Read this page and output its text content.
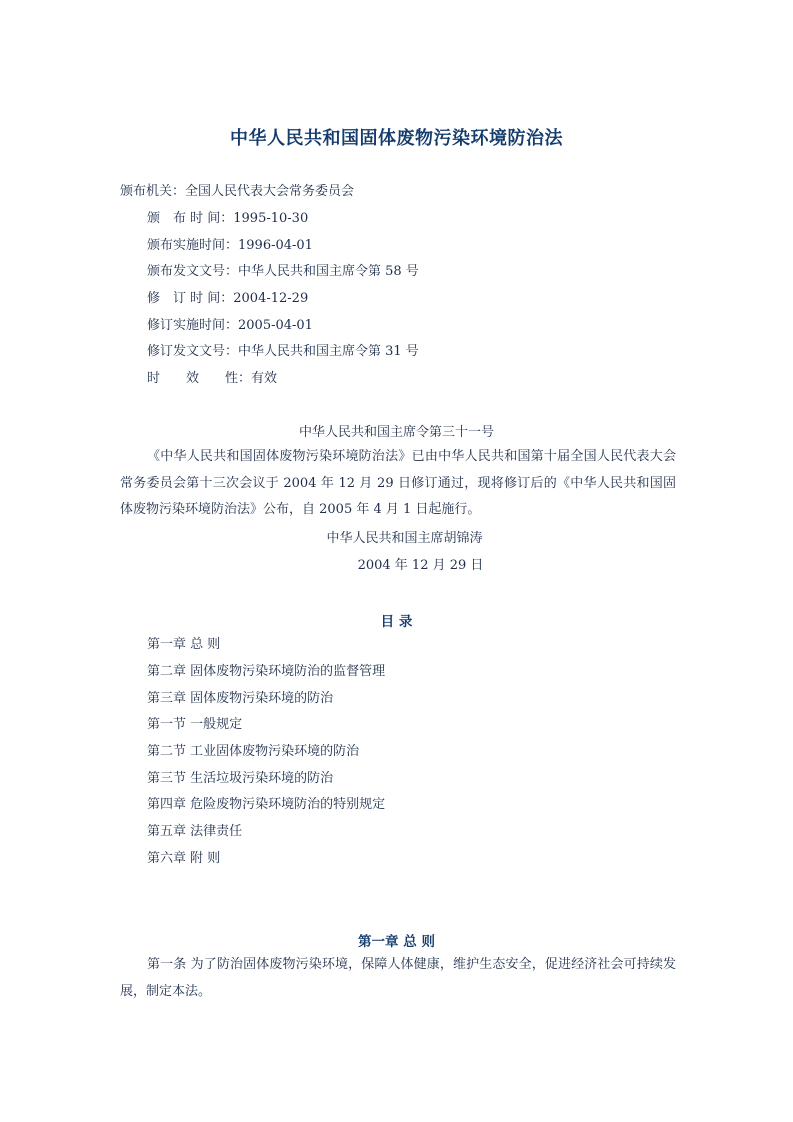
中华人民共和国固体废物污染环境防治法
颁布机关：全国人民代表大会常务委员会
颁　布 时 间：1995-10-30
颁布实施时间：1996-04-01
颁布发文文号：中华人民共和国主席令第 58 号
修　订 时 间：2004-12-29
修订实施时间：2005-04-01
修订发文文号：中华人民共和国主席令第 31 号
时　　效　　性：有效
中华人民共和国主席令第三十一号
《中华人民共和国固体废物污染环境防治法》已由中华人民共和国第十届全国人民代表大会常务委员会第十三次会议于 2004 年 12 月 29 日修订通过，现将修订后的《中华人民共和国固体废物污染环境防治法》公布，自 2005 年 4 月 1 日起施行。
中华人民共和国主席胡锦涛
2004 年 12 月 29 日
目 录
第一章 总 则
第二章 固体废物污染环境防治的监督管理
第三章 固体废物污染环境的防治
第一节 一般规定
第二节 工业固体废物污染环境的防治
第三节 生活垃圾污染环境的防治
第四章 危险废物污染环境防治的特别规定
第五章 法律责任
第六章 附 则
第一章 总 则
第一条 为了防治固体废物污染环境，保障人体健康，维护生态安全，促进经济社会可持续发展，制定本法。
